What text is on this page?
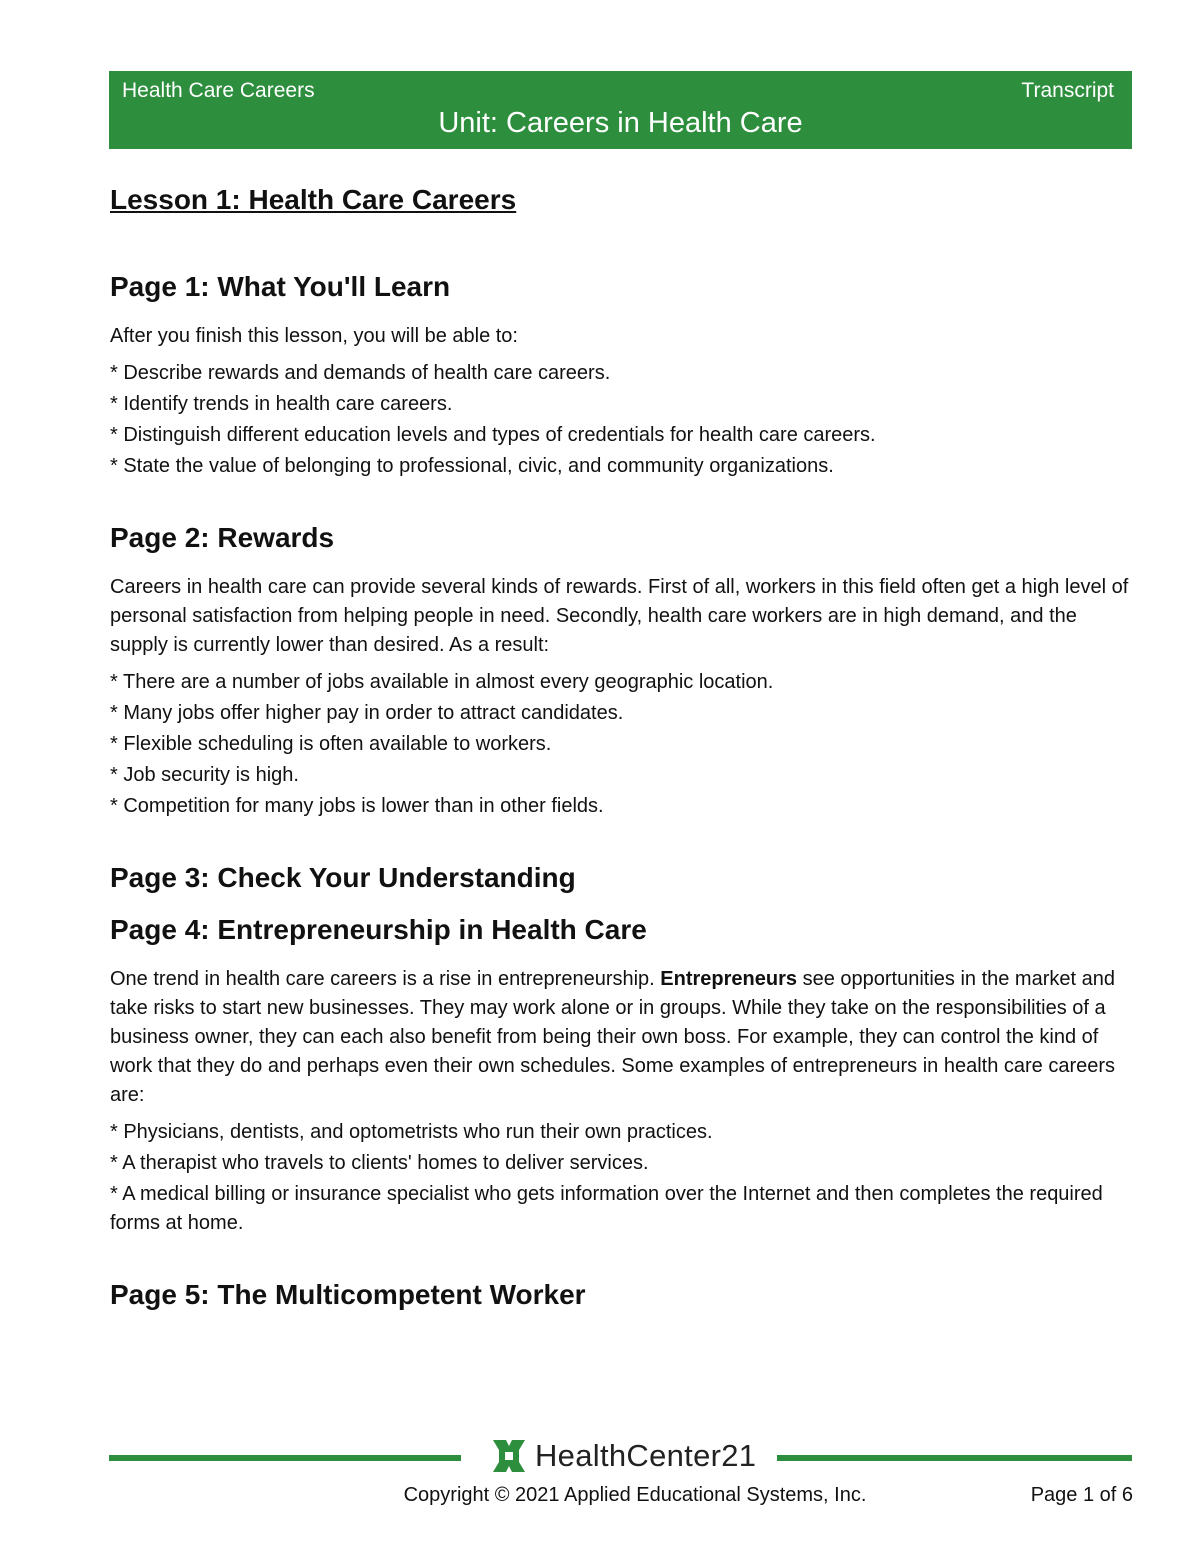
Health Care Careers	Transcript
Unit: Careers in Health Care
Lesson 1: Health Care Careers
Page 1: What You'll Learn

After you finish this lesson, you will be able to:

* Describe rewards and demands of health care careers.
* Identify trends in health care careers.
* Distinguish different education levels and types of credentials for health care careers.
* State the value of belonging to professional, civic, and community organizations.
Page 2: Rewards

Careers in health care can provide several kinds of rewards. First of all, workers in this field often get a high level of personal satisfaction from helping people in need. Secondly, health care workers are in high demand, and the supply is currently lower than desired. As a result:

* There are a number of jobs available in almost every geographic location.
* Many jobs offer higher pay in order to attract candidates.
* Flexible scheduling is often available to workers.
* Job security is high.
* Competition for many jobs is lower than in other fields.
Page 3: Check Your Understanding
Page 4: Entrepreneurship in Health Care

One trend in health care careers is a rise in entrepreneurship. Entrepreneurs see opportunities in the market and take risks to start new businesses. They may work alone or in groups. While they take on the responsibilities of a business owner, they can each also benefit from being their own boss. For example, they can control the kind of work that they do and perhaps even their own schedules. Some examples of entrepreneurs in health care careers are:

* Physicians, dentists, and optometrists who run their own practices.
* A therapist who travels to clients' homes to deliver services.
* A medical billing or insurance specialist who gets information over the Internet and then completes the required forms at home.
Page 5: The Multicompetent Worker
HealthCenter21
Copyright © 2021 Applied Educational Systems, Inc.	Page 1 of 6
